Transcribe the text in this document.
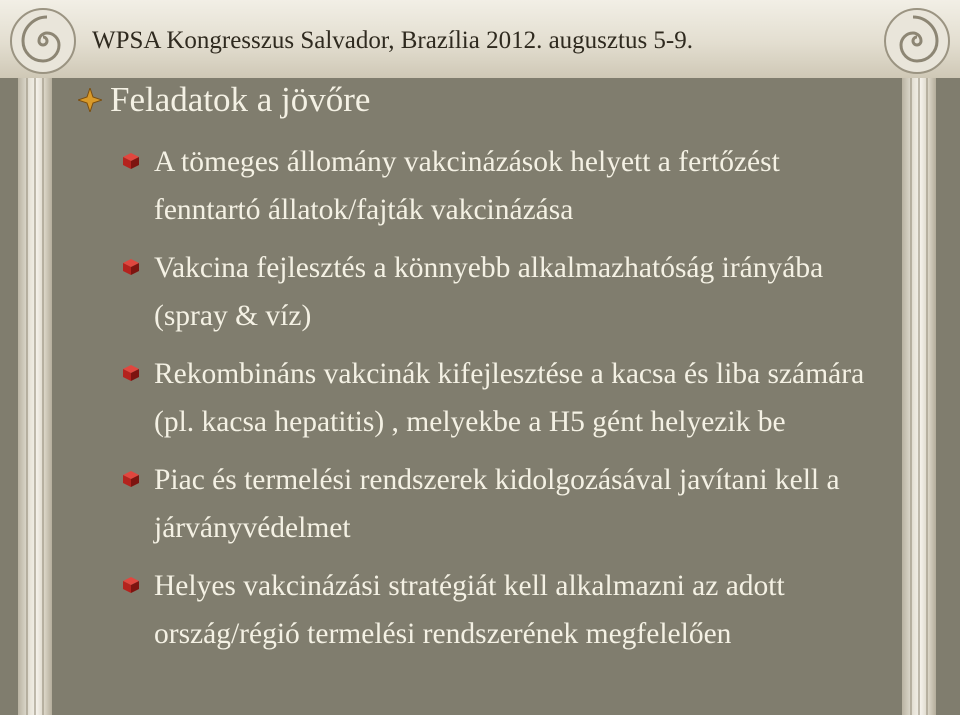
WPSA Kongresszus Salvador, Brazília 2012. augusztus 5-9.
Feladatok a jövőre
A tömeges állomány vakcinázások helyett a fertőzést fenntartó állatok/fajták vakcinázása
Vakcina fejlesztés a könnyebb alkalmazhatóság irányába (spray & víz)
Rekombináns vakcinák kifejlesztése a kacsa és liba számára (pl. kacsa hepatitis) , melyekbe a H5 gént helyezik be
Piac és termelési rendszerek kidolgozásával javítani kell a járványvédelmet
Helyes vakcinázási stratégiát kell alkalmazni az adott ország/régió termelési rendszerének megfelelően
